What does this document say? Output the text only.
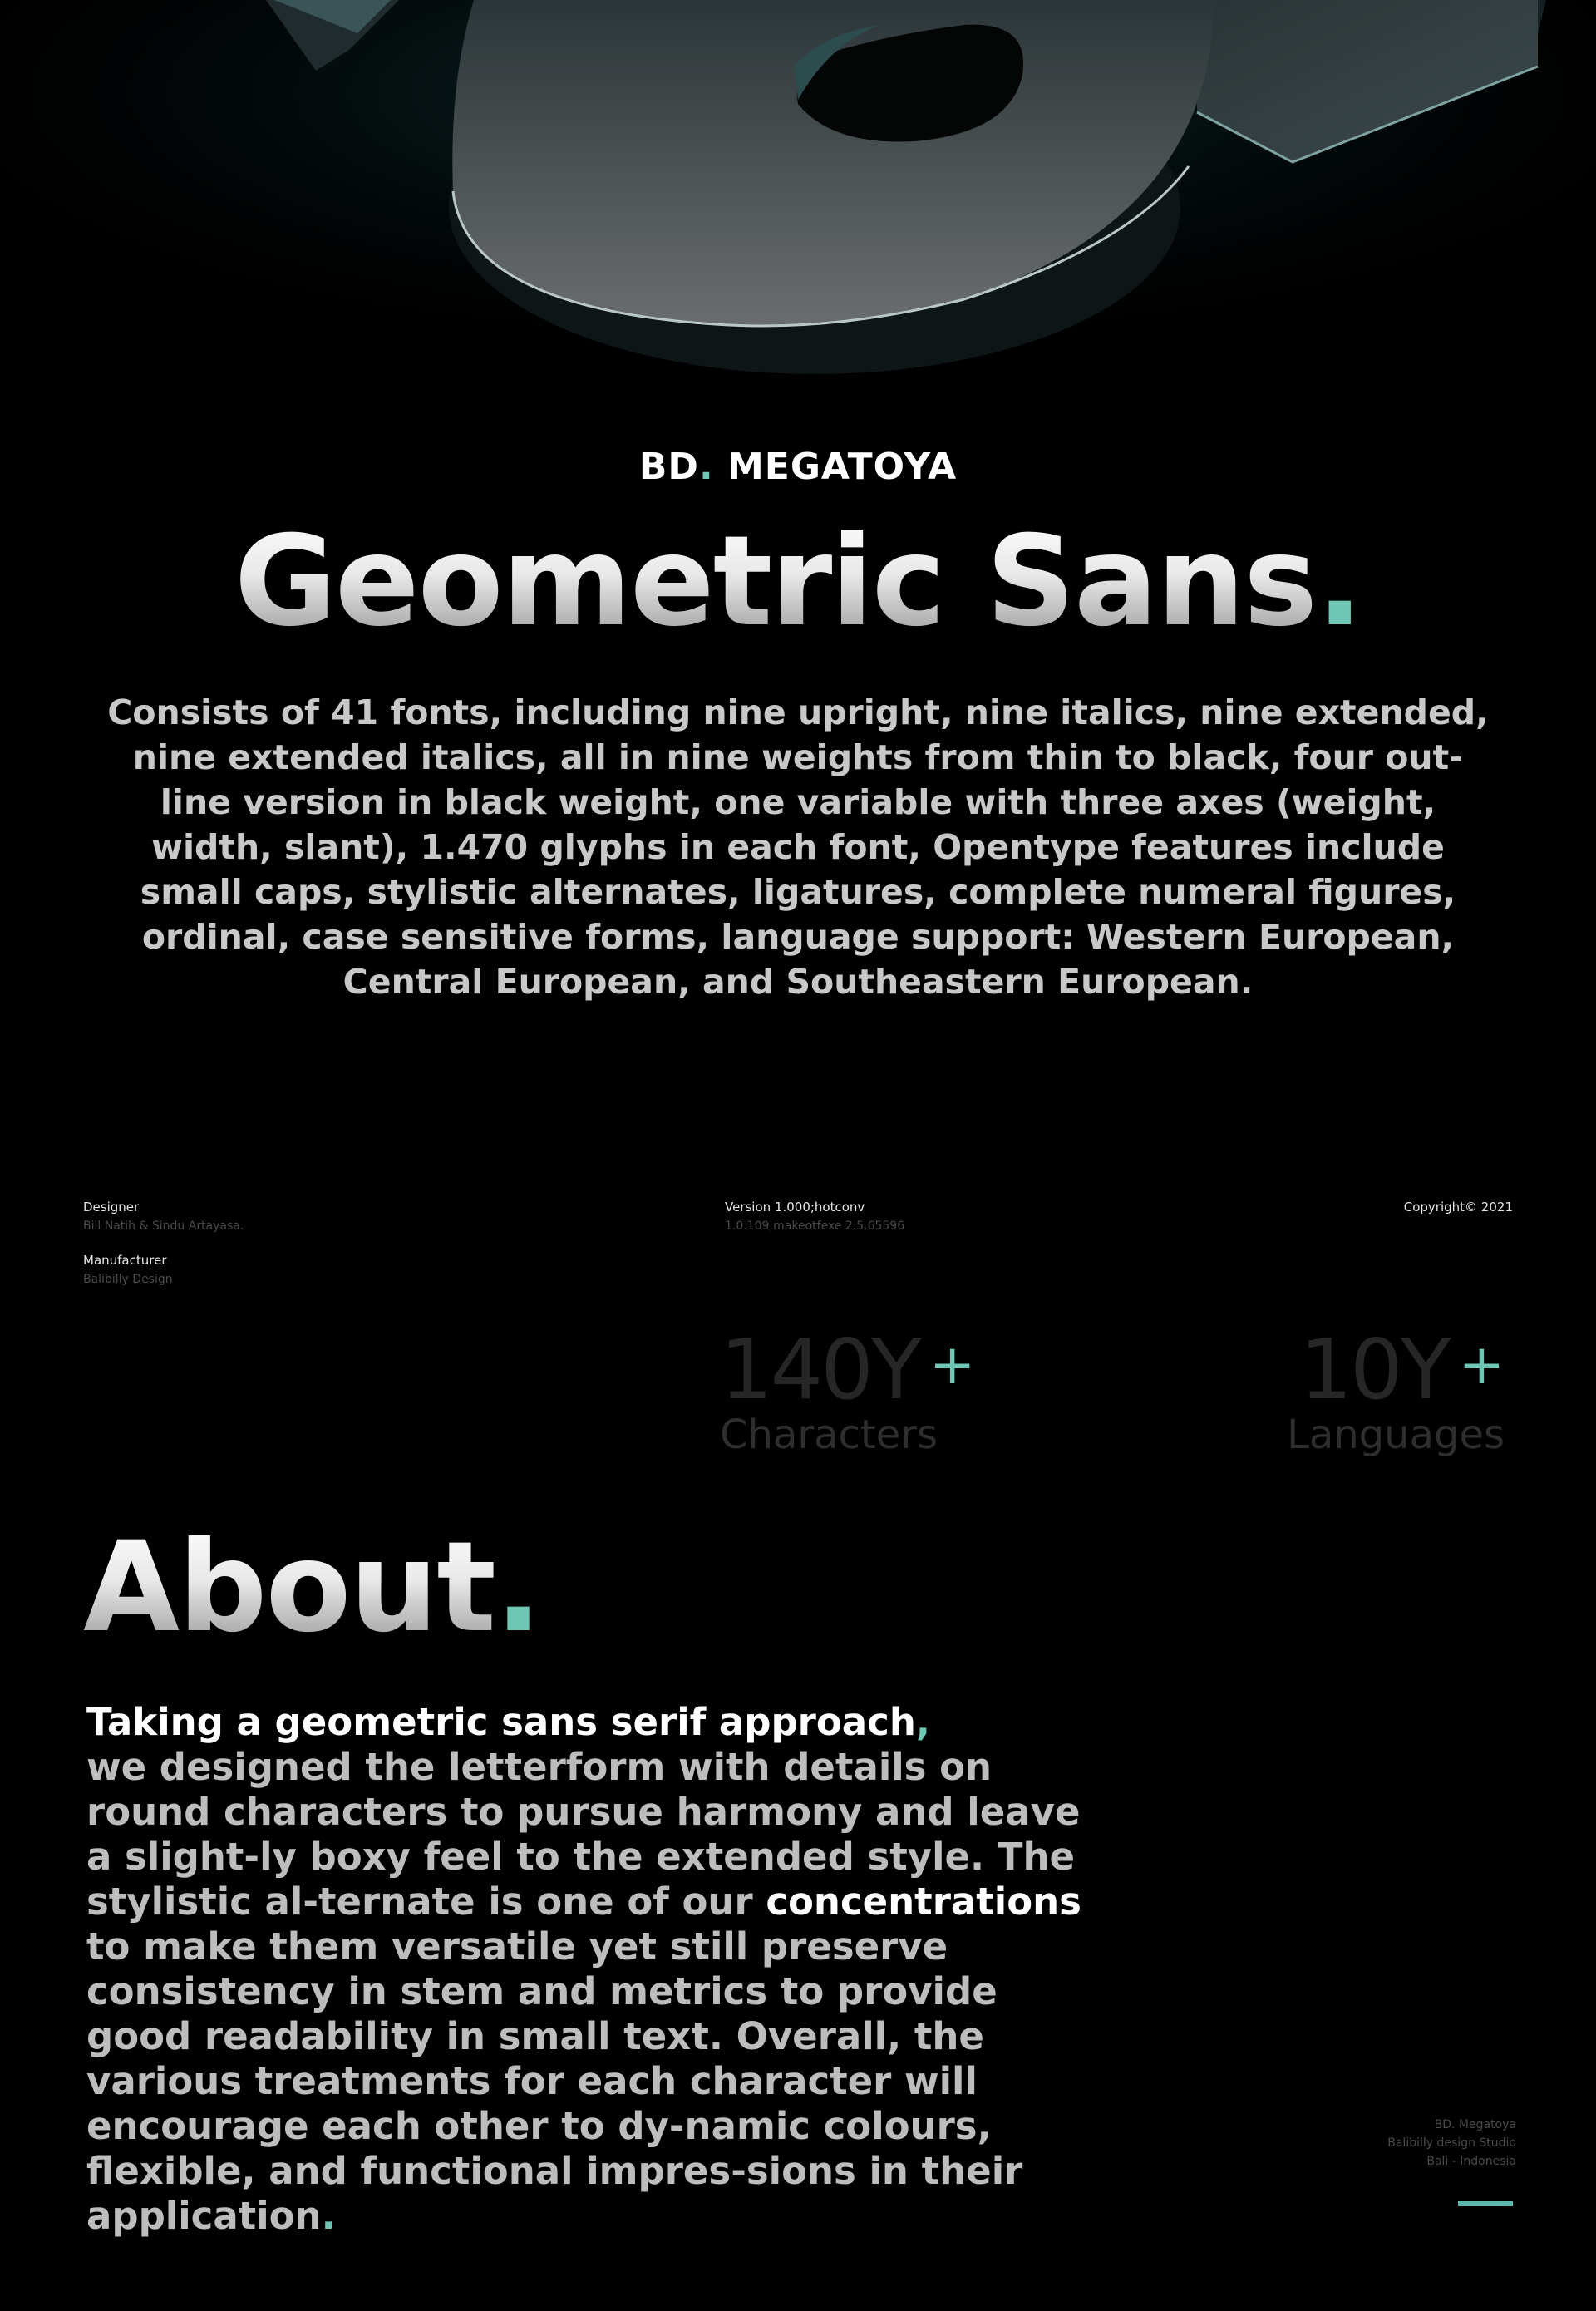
BD. MEGATOYA
Geometric Sans.
Consists of 41 fonts, including nine upright, nine italics, nine extended, nine extended italics, all in nine weights from thin to black, four out-line version in black weight, one variable with three axes (weight, width, slant), 1.470 glyphs in each font, Opentype features include small caps, stylistic alternates, ligatures, complete numeral figures, ordinal, case sensitive forms, language support: Western European, Central European, and Southeastern European.
Designer
Bill Natih & Sindu Artayasa.
Manufacturer
Balibilly Design
Version 1.000;hotconv
1.0.109;makeotfexe 2.5.65596
Copyright© 2021
140Y +
Characters
10Y +
Languages
About.
Taking a geometric sans serif approach,
we designed the letterform with details on round characters to pursue harmony and leave a slight-ly boxy feel to the extended style. The stylistic al-ternate is one of our concentrations to make them versatile yet still preserve consistency in stem and metrics to provide good readability in small text. Overall, the various treatments for each character will encourage each other to dy-namic colours, flexible, and functional impres-sions in their application.
BD. Megatoya
Balibilly design Studio
Bali - Indonesia
